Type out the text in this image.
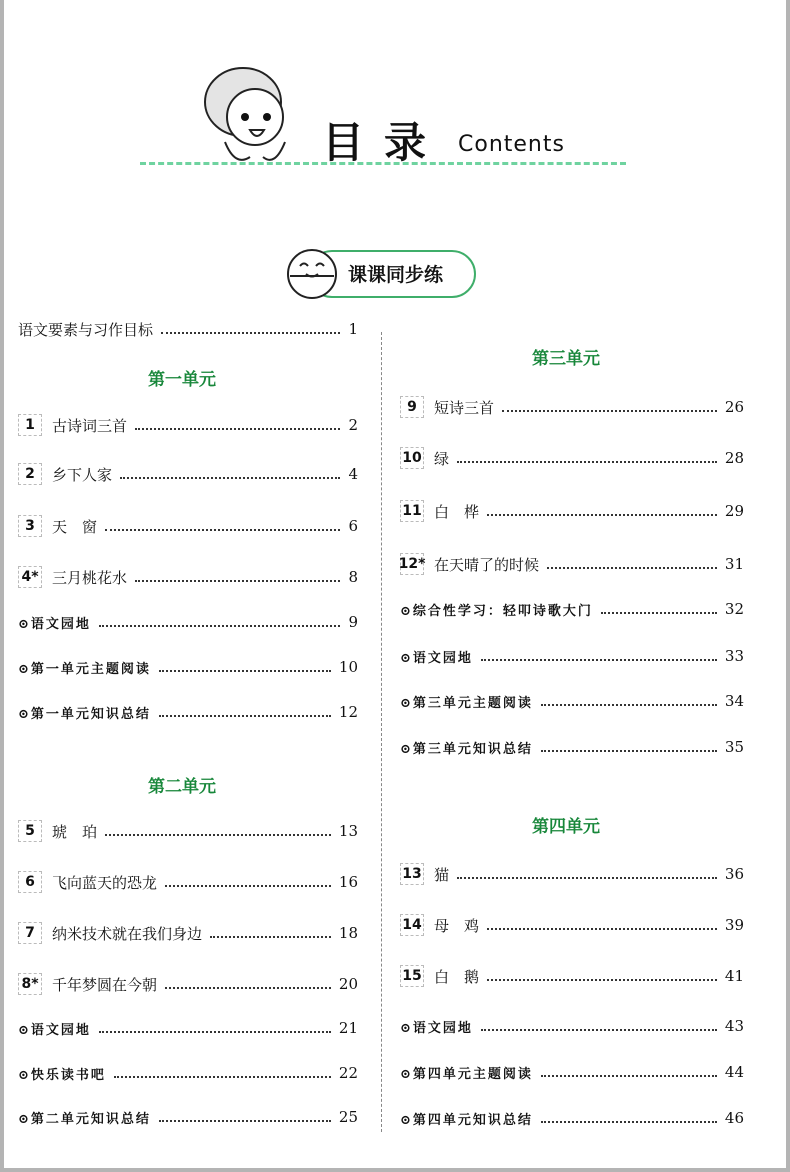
目录 Contents
课课同步练
语文要素与习作目标	1
第一单元
1	古诗词三首	2
2	乡下人家	4
3	天　窗	6
4* 三月桃花水	8
⊙语文园地	9
⊙第一单元主题阅读	10
⊙第一单元知识总结	12
第二单元
5	琥　珀	13
6	飞向蓝天的恐龙	16
7	纳米技术就在我们身边	18
8* 千年梦圆在今朝	20
⊙语文园地	21
⊙快乐读书吧	22
⊙第二单元知识总结	25
第三单元
9	短诗三首	26
10 绿	28
11 白　桦	29
12* 在天晴了的时候	31
⊙综合性学习：轻叩诗歌大门	32
⊙语文园地	33
⊙第三单元主题阅读	34
⊙第三单元知识总结	35
第四单元
13 猫	36
14 母　鸡	39
15 白　鹅	41
⊙语文园地	43
⊙第四单元主题阅读	44
⊙第四单元知识总结	46
